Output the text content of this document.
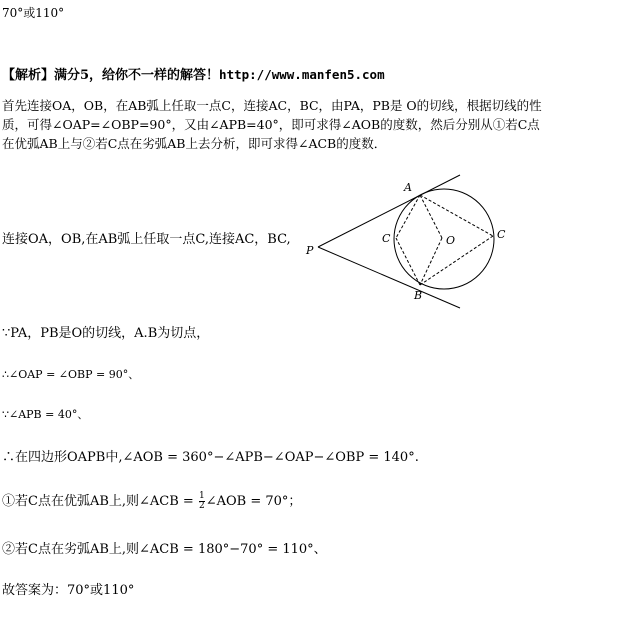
70°或110°
【解析】满分5，给你不一样的解答！http://www.manfen5.com
首先连接OA，OB，在AB弧上任取一点C，连接AC，BC，由PA，PB是 O的切线，根据切线的性
质，可得∠OAP=∠OBP=90°，又由∠APB=40°，即可求得∠AOB的度数，然后分别从①若C点
在优弧AB上与②若C点在劣弧AB上去分析，即可求得∠ACB的度数．
A
B
O
P
C	C
连接OA，OB,在AB弧上任取一点C,连接AC，BC,
∵PA，PB是O的切线，A.B为切点，
∴∠OAP = ∠OBP = 90°、
∵∠APB = 40°、
∴在四边形OAPB中,∠AOB = 360°−∠APB−∠OAP−∠OBP = 140°.
①若C点在优弧AB上,则∠ACB = $\frac{1}{2}$ ∠AOB = 70°；
②若C点在劣弧AB上,则∠ACB = 180°−70° = 110°、
故答案为：70°或110°
